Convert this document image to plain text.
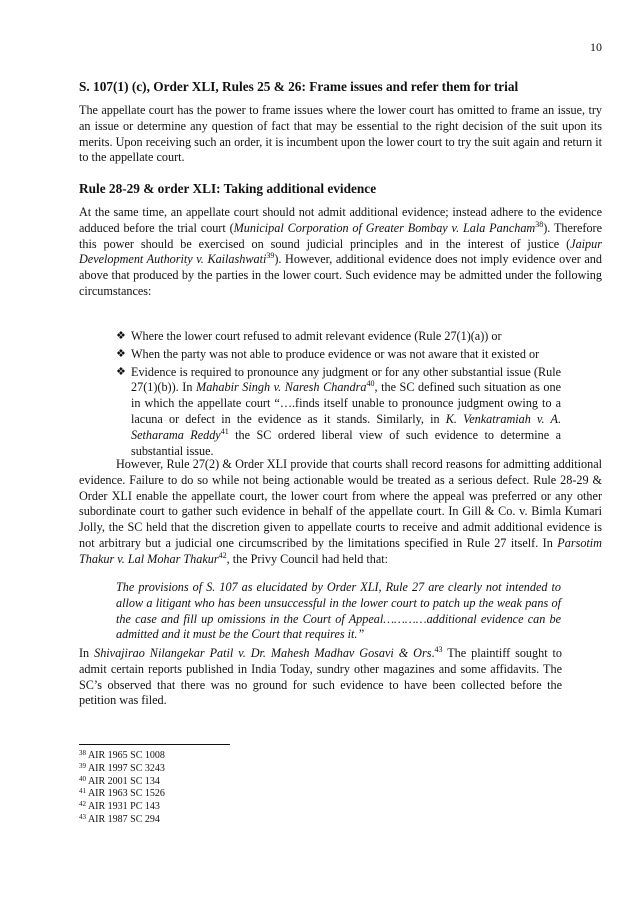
10
S. 107(1) (c), Order XLI, Rules 25 & 26: Frame issues and refer them for trial

The appellate court has the power to frame issues where the lower court has omitted to frame an issue, try an issue or determine any question of fact that may be essential to the right decision of the suit upon its merits. Upon receiving such an order, it is incumbent upon the lower court to try the suit again and return it to the appellate court.

Rule 28-29 & order XLI: Taking additional evidence

At the same time, an appellate court should not admit additional evidence; instead adhere to the evidence adduced before the trial court (Municipal Corporation of Greater Bombay v. Lala Pancham$^{38}$). Therefore this power should be exercised on sound judicial principles and in the interest of justice (Jaipur Development Authority v. Kailashwati$^{39}$). However, additional evidence does not imply evidence over and above that produced by the parties in the lower court. Such evidence may be admitted under the following circumstances:

❖ Where the lower court refused to admit relevant evidence (Rule 27(1)(a)) or
❖ When the party was not able to produce evidence or was not aware that it existed or
❖ Evidence is required to pronounce any judgment or for any other substantial issue (Rule 27(1)(b)). In Mahabir Singh v. Naresh Chandra$^{40}$, the SC defined such situation as one in which the appellate court “….finds itself unable to pronounce judgment owing to a lacuna or defect in the evidence as it stands. Similarly, in K. Venkatramiah v. A. Setharama Reddy$^{41}$ the SC ordered liberal view of such evidence to determine a substantial issue.

However, Rule 27(2) & Order XLI provide that courts shall record reasons for admitting additional evidence. Failure to do so while not being actionable would be treated as a serious defect. Rule 28-29 & Order XLI enable the appellate court, the lower court from where the appeal was preferred or any other subordinate court to gather such evidence in behalf of the appellate court. In Gill & Co. v. Bimla Kumari Jolly, the SC held that the discretion given to appellate courts to receive and admit additional evidence is not arbitrary but a judicial one circumscribed by the limitations specified in Rule 27 itself. In Parsotim Thakur v. Lal Mohar Thakur$^{42}$, the Privy Council had held that:

The provisions of S. 107 as elucidated by Order XLI, Rule 27 are clearly not intended to allow a litigant who has been unsuccessful in the lower court to patch up the weak pans of the case and fill up omissions in the Court of Appeal…………additional evidence can be admitted and it must be the Court that requires it.”

In Shivajirao Nilangekar Patil v. Dr. Mahesh Madhav Gosavi & Ors.$^{43}$ The plaintiff sought to admit certain reports published in India Today, sundry other magazines and some affidavits. The SC’s observed that there was no ground for such evidence to have been collected before the petition was filed.

$^{38}$ AIR 1965 SC 1008
$^{39}$ AIR 1997 SC 3243
$^{40}$ AIR 2001 SC 134
$^{41}$ AIR 1963 SC 1526
$^{42}$ AIR 1931 PC 143
$^{43}$ AIR 1987 SC 294
